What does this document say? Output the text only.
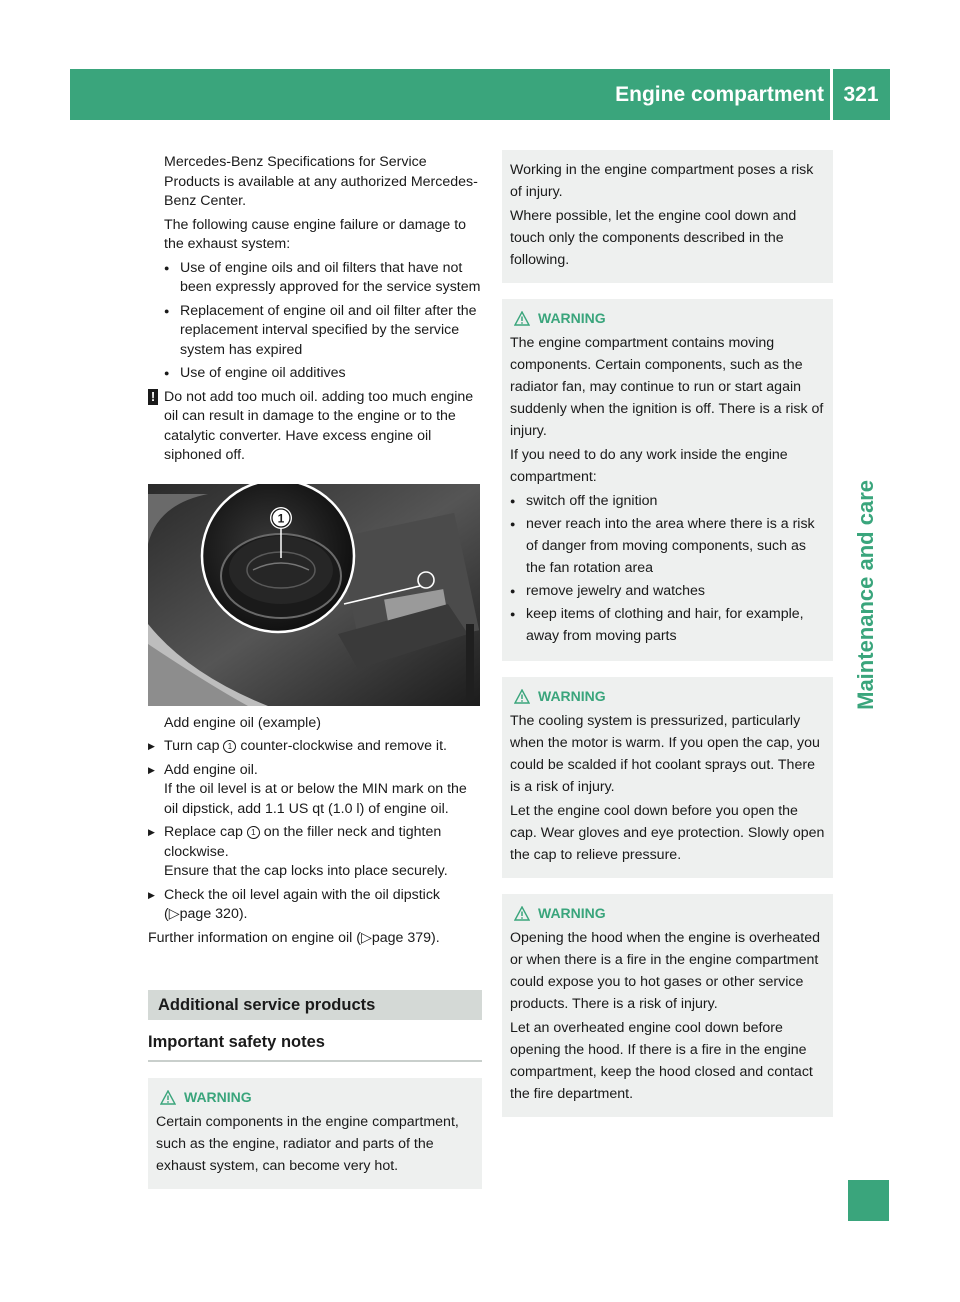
Engine compartment 321
Maintenance and care

Mercedes-Benz Specifications for Service Products is available at any authorized Mercedes-Benz Center.

The following cause engine failure or damage to the exhaust system:

● Use of engine oils and oil filters that have not been expressly approved for the service system
● Replacement of engine oil and oil filter after the replacement interval specified by the service system has expired
● Use of engine oil additives
! Do not add too much oil. adding too much engine oil can result in damage to the engine or to the catalytic converter. Have excess engine oil siphoned off.
1

Add engine oil (example)

▶ Turn cap 1 counter-clockwise and remove it.
▶ Add engine oil.
If the oil level is at or below the MIN mark on the oil dipstick, add 1.1 US qt (1.0 l) of engine oil.
▶ Replace cap 1 on the filler neck and tighten clockwise.
Ensure that the cap locks into place securely.
▶ Check the oil level again with the oil dipstick (▷page 320).

Further information on engine oil (▷page 379).

Additional service products
Important safety notes
WARNING

Certain components in the engine compartment, such as the engine, radiator and parts of the exhaust system, can become very hot.

Working in the engine compartment poses a risk of injury.

Where possible, let the engine cool down and touch only the components described in the following.

WARNING

The engine compartment contains moving components. Certain components, such as the radiator fan, may continue to run or start again suddenly when the ignition is off. There is a risk of injury.

If you need to do any work inside the engine compartment:

● switch off the ignition
● never reach into the area where there is a risk of danger from moving components, such as the fan rotation area
● remove jewelry and watches
● keep items of clothing and hair, for example, away from moving parts
WARNING

The cooling system is pressurized, particularly when the motor is warm. If you open the cap, you could be scalded if hot coolant sprays out. There is a risk of injury.

Let the engine cool down before you open the cap. Wear gloves and eye protection. Slowly open the cap to relieve pressure.

WARNING

Opening the hood when the engine is overheated or when there is a fire in the engine compartment could expose you to hot gases or other service products. There is a risk of injury.

Let an overheated engine cool down before opening the hood. If there is a fire in the engine compartment, keep the hood closed and contact the fire department.
